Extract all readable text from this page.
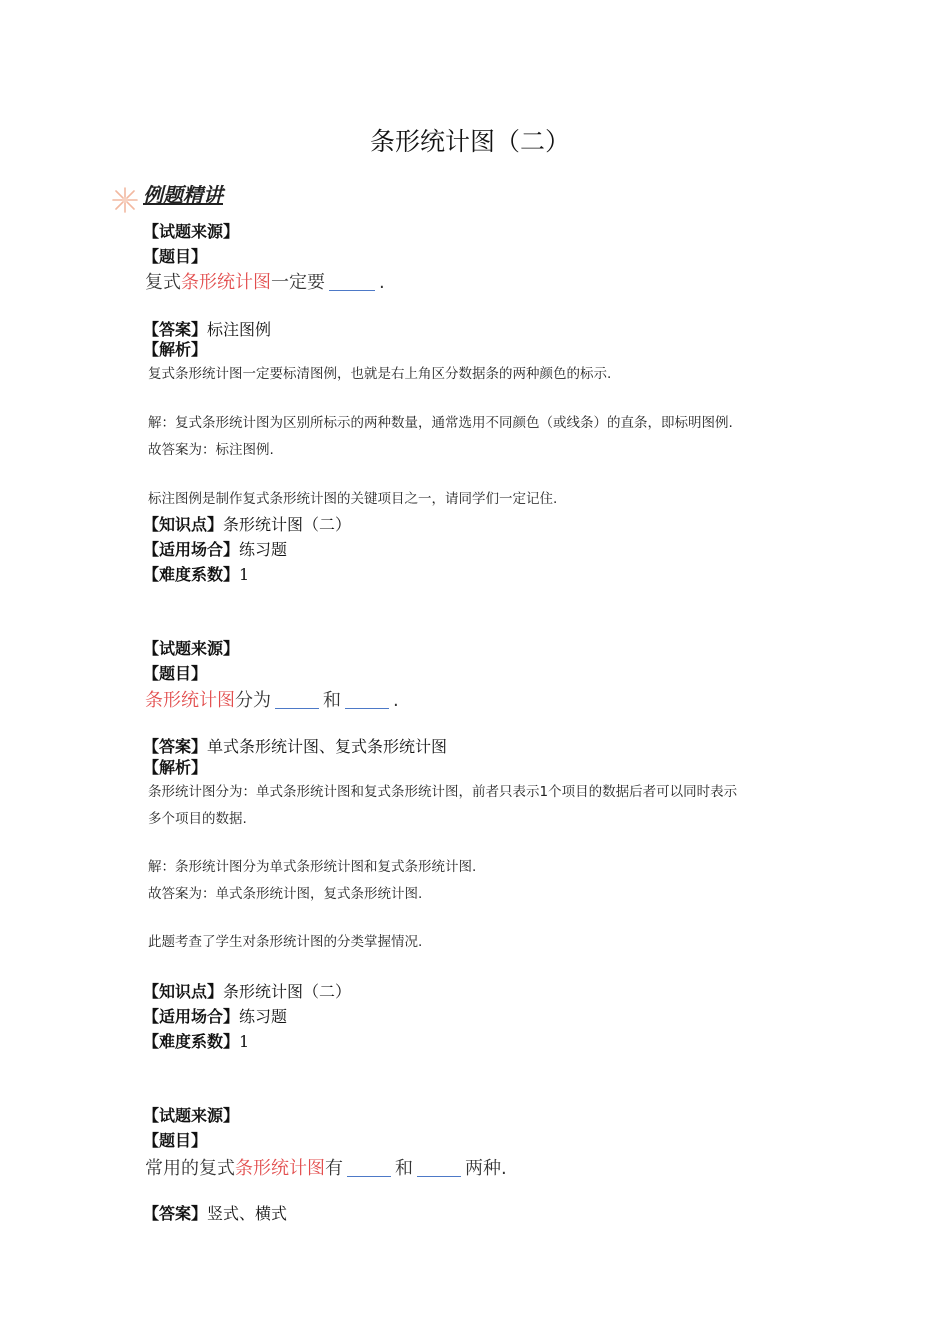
条形统计图（二）
例题精讲
【试题来源】
【题目】
复式条形统计图一定要	.
【答案】标注图例
【解析】
复式条形统计图一定要标清图例，也就是右上角区分数据条的两种颜色的标示.
解：复式条形统计图为区别所标示的两种数量，通常选用不同颜色（或线条）的直条，即标明图例.
故答案为：标注图例.
标注图例是制作复式条形统计图的关键项目之一，请同学们一定记住.
【知识点】条形统计图（二）
【适用场合】练习题
【难度系数】1
【试题来源】
【题目】
条形统计图分为	和	.
【答案】单式条形统计图、复式条形统计图
【解析】
条形统计图分为：单式条形统计图和复式条形统计图，前者只表示1个项目的数据后者可以同时表示
多个项目的数据.
解：条形统计图分为单式条形统计图和复式条形统计图.
故答案为：单式条形统计图，复式条形统计图.
此题考查了学生对条形统计图的分类掌握情况.
【知识点】条形统计图（二）
【适用场合】练习题
【难度系数】1
【试题来源】
【题目】
常用的复式条形统计图有	和	两种.
【答案】竖式、横式
